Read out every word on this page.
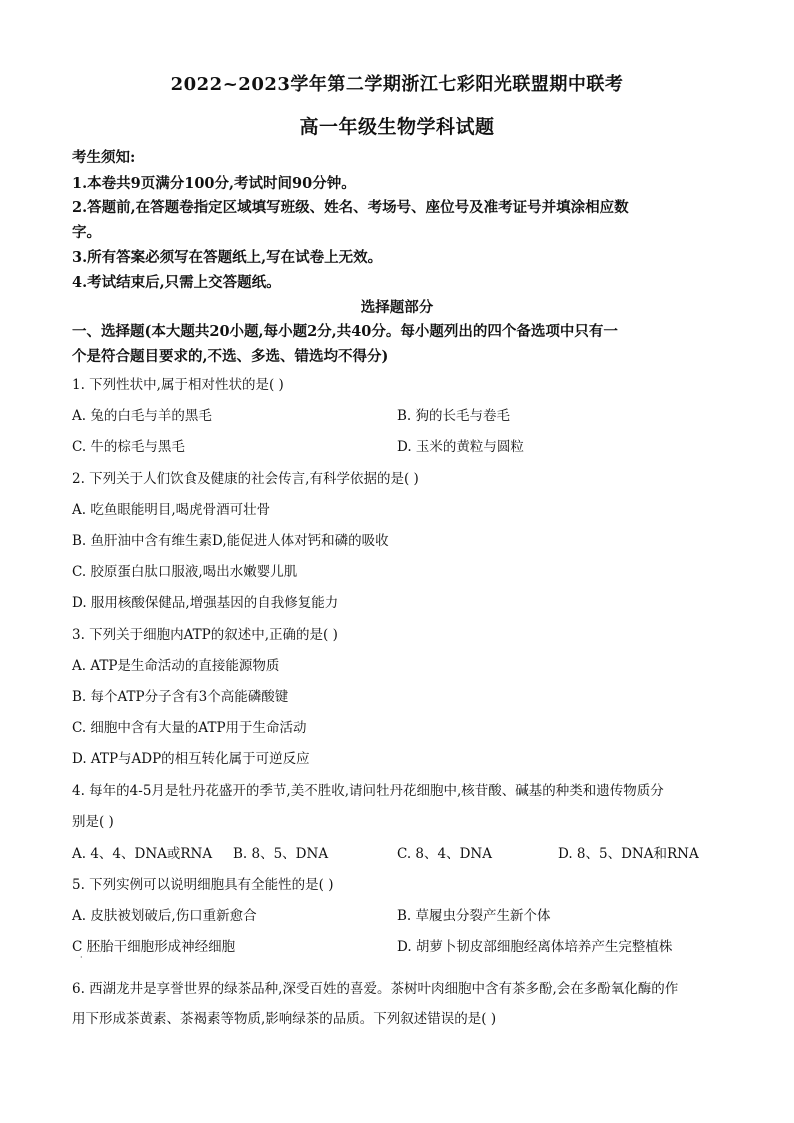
2022~2023学年第二学期浙江七彩阳光联盟期中联考
高一年级生物学科试题
考生须知:
1.本卷共9页满分100分,考试时间90分钟。
2.答题前,在答题卷指定区域填写班级、姓名、考场号、座位号及准考证号并填涂相应数
字。
3.所有答案必须写在答题纸上,写在试卷上无效。
4.考试结束后,只需上交答题纸。
选择题部分
一、选择题(本大题共20小题,每小题2分,共40分。每小题列出的四个备选项中只有一
个是符合题目要求的,不选、多选、错选均不得分)
1. 下列性状中,属于相对性状的是( )
A. 兔的白毛与羊的黑毛	B. 狗的长毛与卷毛
C. 牛的棕毛与黑毛	D. 玉米的黄粒与圆粒
2. 下列关于人们饮食及健康的社会传言,有科学依据的是( )
A. 吃鱼眼能明目,喝虎骨酒可壮骨
B. 鱼肝油中含有维生素D,能促进人体对钙和磷的吸收
C. 胶原蛋白肽口服液,喝出水嫩婴儿肌
D. 服用核酸保健品,增强基因的自我修复能力
3. 下列关于细胞内ATP的叙述中,正确的是( )
A. ATP是生命活动的直接能源物质
B. 每个ATP分子含有3个高能磷酸键
C. 细胞中含有大量的ATP用于生命活动
D. ATP与ADP的相互转化属于可逆反应
4. 每年的4-5月是牡丹花盛开的季节,美不胜收,请问牡丹花细胞中,核苷酸、碱基的种类和遗传物质分
别是( )
A. 4、4、DNA或RNA B. 8、5、DNA	C. 8、4、DNA	D. 8、5、DNA和RNA
5. 下列实例可以说明细胞具有全能性的是( )
A. 皮肤被划破后,伤口重新愈合	B. 草履虫分裂产生新个体
C 胚胎干细胞形成神经细胞	D. 胡萝卜韧皮部细胞经离体培养产生完整植株
·
6. 西湖龙井是享誉世界的绿茶品种,深受百姓的喜爱。茶树叶肉细胞中含有茶多酚,会在多酚氧化酶的作
用下形成茶黄素、茶褐素等物质,影响绿茶的品质。下列叙述错误的是( )
